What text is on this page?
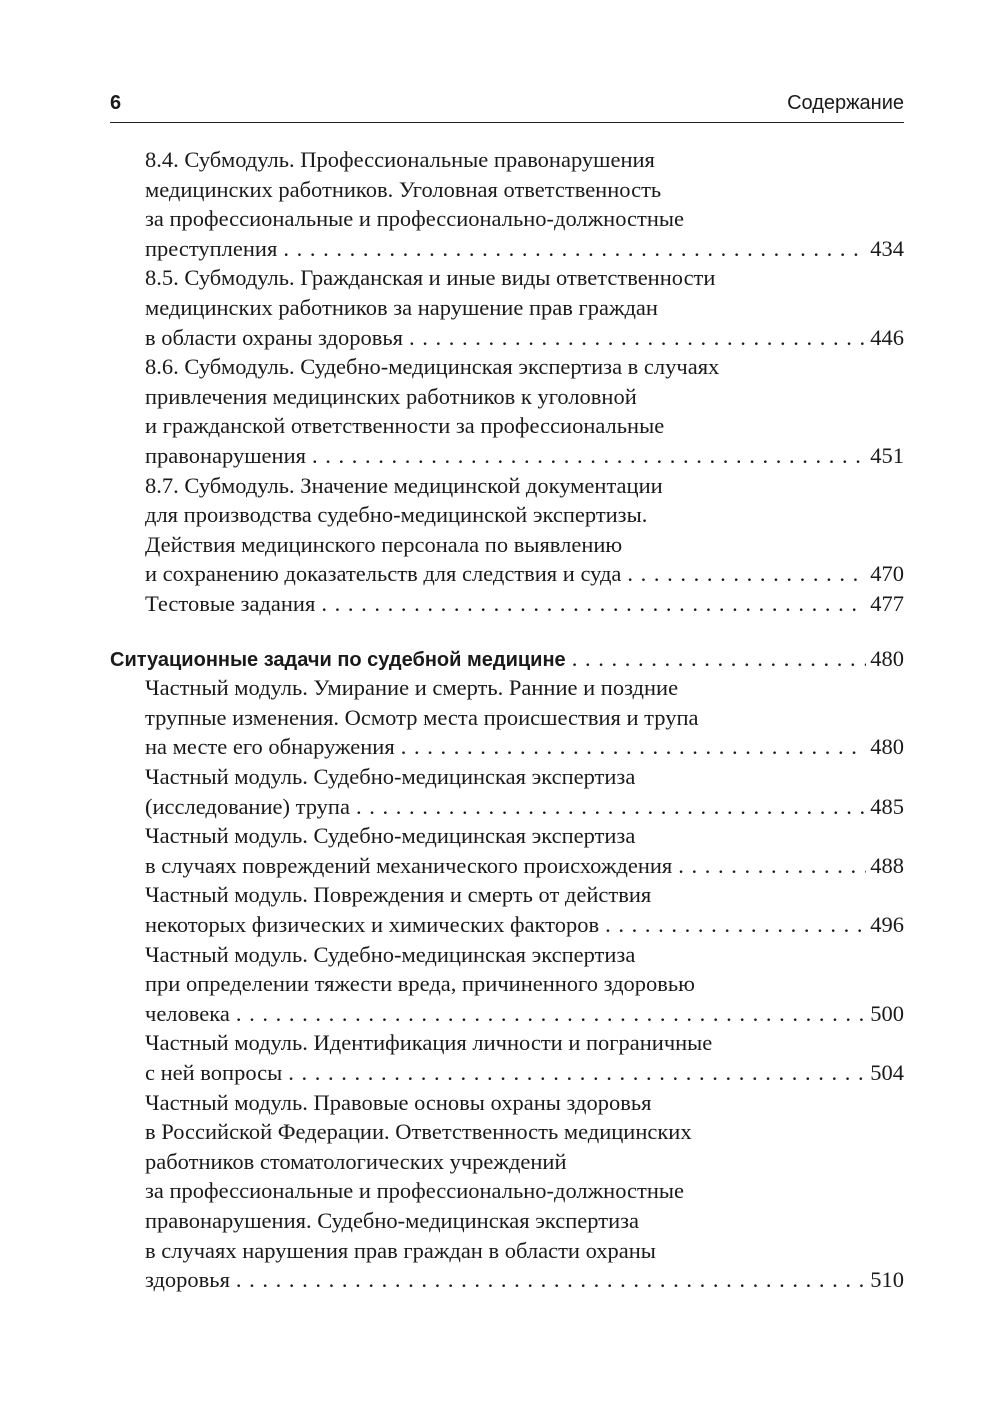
6	Содержание
8.4. Субмодуль. Профессиональные правонарушения
медицинских работников. Уголовная ответственность
за профессиональные и профессионально-должностные
преступления . . .	434
8.5. Субмодуль. Гражданская и иные виды ответственности
медицинских работников за нарушение прав граждан
в области охраны здоровья . . .	446
8.6. Субмодуль. Судебно-медицинская экспертиза в случаях
привлечения медицинских работников к уголовной
и гражданской ответственности за профессиональные
правонарушения . . .	451
8.7. Субмодуль. Значение медицинской документации
для производства судебно-медицинской экспертизы.
Действия медицинского персонала по выявлению
и сохранению доказательств для следствия и суда . . .	470
Тестовые задания . . .	477
Ситуационные задачи по судебной медицине . . .	480
Частный модуль. Умирание и смерть. Ранние и поздние
трупные изменения. Осмотр места происшествия и трупа
на месте его обнаружения . . .	480
Частный модуль. Судебно-медицинская экспертиза
(исследование) трупа . . .	485
Частный модуль. Судебно-медицинская экспертиза
в случаях повреждений механического происхождения . . .	488
Частный модуль. Повреждения и смерть от действия
некоторых физических и химических факторов . . .	496
Частный модуль. Судебно-медицинская экспертиза
при определении тяжести вреда, причиненного здоровью
человека . . .	500
Частный модуль. Идентификация личности и пограничные
с ней вопросы . . .	504
Частный модуль. Правовые основы охраны здоровья
в Российской Федерации. Ответственность медицинских
работников стоматологических учреждений
за профессиональные и профессионально-должностные
правонарушения. Судебно-медицинская экспертиза
в случаях нарушения прав граждан в области охраны
здоровья . . .	510
